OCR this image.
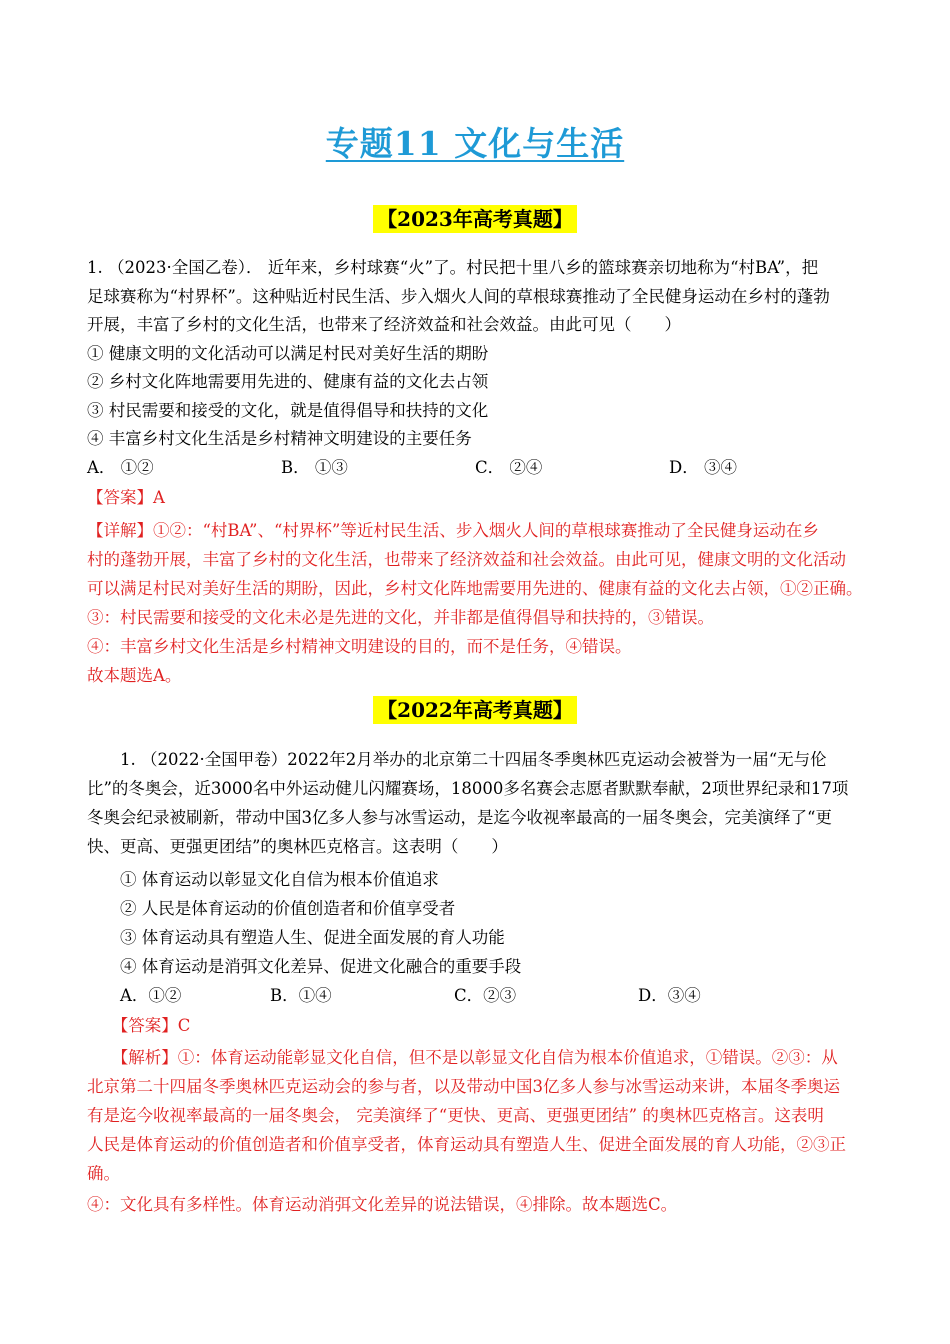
专题11 文化与生活
【2023年高考真题】
1. （2023·全国乙卷）． 近年来，乡村球赛“火”了。村民把十里八乡的篮球赛亲切地称为“村BA”，把
足球赛称为“村界杯”。这种贴近村民生活、步入烟火人间的草根球赛推动了全民健身运动在乡村的蓬勃
开展，丰富了乡村的文化生活，也带来了经济效益和社会效益。由此可见（　　）
① 健康文明的文化活动可以满足村民对美好生活的期盼
② 乡村文化阵地需要用先进的、健康有益的文化去占领
③ 村民需要和接受的文化，就是值得倡导和扶持的文化
④ 丰富乡村文化生活是乡村精神文明建设的主要任务
A． ①②	B． ①③	C． ②④	D． ③④
【答案】A
【详解】①②：“村BA”、“村界杯”等近村民生活、步入烟火人间的草根球赛推动了全民健身运动在乡
村的蓬勃开展，丰富了乡村的文化生活，也带来了经济效益和社会效益。由此可见，健康文明的文化活动
可以满足村民对美好生活的期盼，因此，乡村文化阵地需要用先进的、健康有益的文化去占领，①②正确。
③：村民需要和接受的文化未必是先进的文化，并非都是值得倡导和扶持的，③错误。
④：丰富乡村文化生活是乡村精神文明建设的目的，而不是任务，④错误。
故本题选A。
【2022年高考真题】
　　1. （2022·全国甲卷）2022年2月举办的北京第二十四届冬季奥林匹克运动会被誉为一届“无与伦
比”的冬奥会，近3000名中外运动健儿闪耀赛场，18000多名赛会志愿者默默奉献，2项世界纪录和17项
冬奥会纪录被刷新，带动中国3亿多人参与冰雪运动，是迄今收视率最高的一届冬奥会，完美演绎了“更
快、更高、更强更团结”的奥林匹克格言。这表明（　　）
　　① 体育运动以彰显文化自信为根本价值追求
　　② 人民是体育运动的价值创造者和价值享受者
　　③ 体育运动具有塑造人生、促进全面发展的育人功能
　　④ 体育运动是消弭文化差异、促进文化融合的重要手段
A．①②	B．①④	C．②③	D．③④
　　【答案】C
　　【解析】①：体育运动能彰显文化自信，但不是以彰显文化自信为根本价值追求，①错误。②③：从
北京第二十四届冬季奥林匹克运动会的参与者，以及带动中国3亿多人参与冰雪运动来讲，本届冬季奥运
有是迄今收视率最高的一届冬奥会， 完美演绎了“更快、更高、更强更团结” 的奥林匹克格言。这表明
人民是体育运动的价值创造者和价值享受者，体育运动具有塑造人生、促进全面发展的育人功能，②③正
确。
④：文化具有多样性。体育运动消弭文化差异的说法错误，④排除。故本题选C。
